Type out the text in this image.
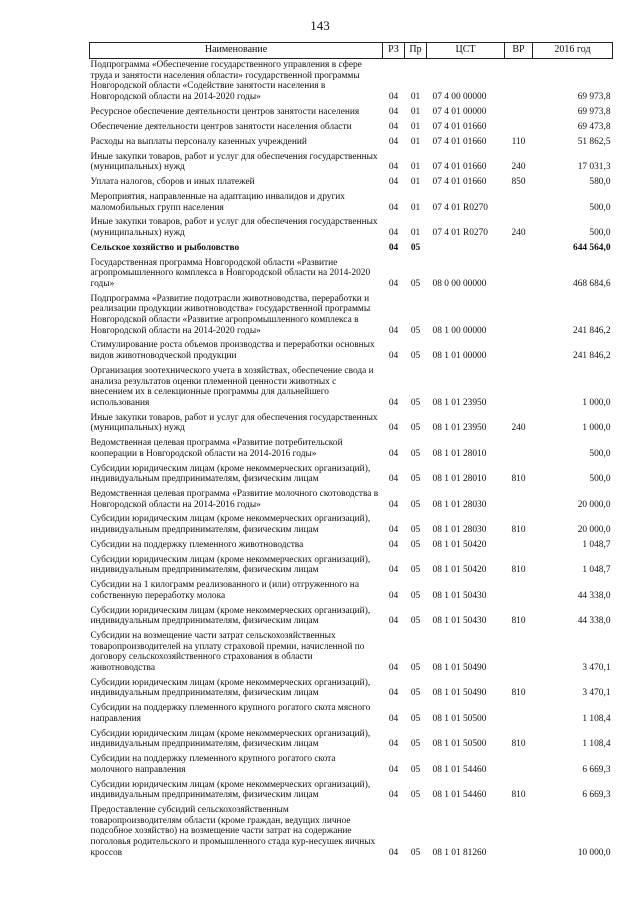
143
Наименование	РЗ	Пр	ЦСТ	ВР	2016 год
Подпрограмма «Обеспечение государственного управления в сфере труда и занятости населения области» государственной программы Новгородской области «Содействие занятости населения в Новгородской области на 2014-2020 годы»	04	01	07 4 00 00000		69 973,8
Ресурсное обеспечение деятельности центров занятости населения	04	01	07 4 01 00000		69 973,8
Обеспечение деятельности центров занятости населения области	04	01	07 4 01 01660		69 473,8
Расходы на выплаты персоналу казенных учреждений	04	01	07 4 01 01660	110	51 862,5
Иные закупки товаров, работ и услуг для обеспечения государственных (муниципальных) нужд	04	01	07 4 01 01660	240	17 031,3
Уплата налогов, сборов и иных платежей	04	01	07 4 01 01660	850	580,0
Мероприятия, направленные на адаптацию инвалидов и других маломобильных групп населения	04	01	07 4 01 R0270		500,0
Иные закупки товаров, работ и услуг для обеспечения государственных (муниципальных) нужд	04	01	07 4 01 R0270	240	500,0
Сельское хозяйство и рыболовство	04	05			644 564,0
Государственная программа Новгородской области «Развитие агропромышленного комплекса в Новгородской области на 2014-2020 годы»	04	05	08 0 00 00000		468 684,6
Подпрограмма «Развитие подотрасли животноводства, переработки и реализации продукции животноводства» государственной программы Новгородской области «Развитие агропромышленного комплекса в Новгородской области на 2014-2020 годы»	04	05	08 1 00 00000		241 846,2
Стимулирование роста объемов производства и переработки основных видов животноводческой продукции	04	05	08 1 01 00000		241 846,2
Организация зоотехнического учета в хозяйствах, обеспечение свода и анализа результатов оценки племенной ценности животных с внесением их в селекционные программы для дальнейшего использования	04	05	08 1 01 23950		1 000,0
Иные закупки товаров, работ и услуг для обеспечения государственных (муниципальных) нужд	04	05	08 1 01 23950	240	1 000,0
Ведомственная целевая программа «Развитие потребительской кооперации в Новгородской области на 2014-2016 годы»	04	05	08 1 01 28010		500,0
Субсидии юридическим лицам (кроме некоммерческих организаций), индивидуальным предпринимателям, физическим лицам	04	05	08 1 01 28010	810	500,0
Ведомственная целевая программа «Развитие молочного скотоводства в Новгородской области на 2014-2016 годы»	04	05	08 1 01 28030		20 000,0
Субсидии юридическим лицам (кроме некоммерческих организаций), индивидуальным предпринимателям, физическим лицам	04	05	08 1 01 28030	810	20 000,0
Субсидии на поддержку племенного животноводства	04	05	08 1 01 50420		1 048,7
Субсидии юридическим лицам (кроме некоммерческих организаций), индивидуальным предпринимателям, физическим лицам	04	05	08 1 01 50420	810	1 048,7
Субсидии на 1 килограмм реализованного и (или) отгруженного на собственную переработку молока	04	05	08 1 01 50430		44 338,0
Субсидии юридическим лицам (кроме некоммерческих организаций), индивидуальным предпринимателям, физическим лицам	04	05	08 1 01 50430	810	44 338,0
Субсидии на возмещение части затрат сельскохозяйственных товаропроизводителей на уплату страховой премии, начисленной по договору сельскохозяйственного страхования в области животноводства	04	05	08 1 01 50490		3 470,1
Субсидии юридическим лицам (кроме некоммерческих организаций), индивидуальным предпринимателям, физическим лицам	04	05	08 1 01 50490	810	3 470,1
Субсидии на поддержку племенного крупного рогатого скота мясного направления	04	05	08 1 01 50500		1 108,4
Субсидии юридическим лицам (кроме некоммерческих организаций), индивидуальным предпринимателям, физическим лицам	04	05	08 1 01 50500	810	1 108,4
Субсидии на поддержку племенного крупного рогатого скота молочного направления	04	05	08 1 01 54460		6 669,3
Субсидии юридическим лицам (кроме некоммерческих организаций), индивидуальным предпринимателям, физическим лицам	04	05	08 1 01 54460	810	6 669,3
Предоставление субсидий сельскохозяйственным товаропроизводителям области (кроме граждан, ведущих личное подсобное хозяйство) на возмещение части затрат на содержание поголовья родительского и промышленного стада кур-несушек яичных кроссов	04	05	08 1 01 81260		10 000,0
